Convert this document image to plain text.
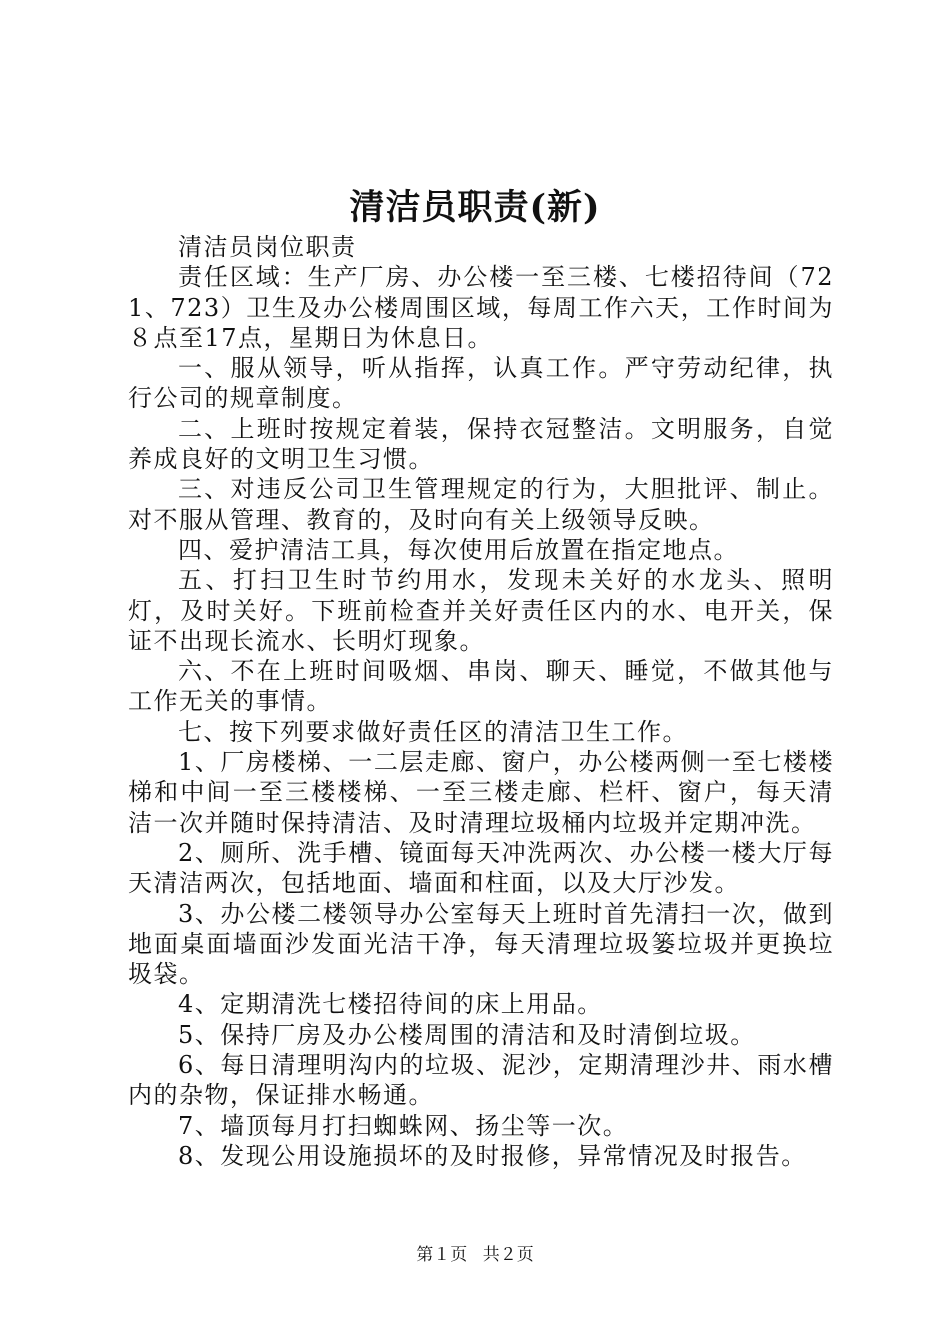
清洁员职责(新)

清洁员岗位职责

责任区域：生产厂房、办公楼一至三楼、七楼招待间（721、723）卫生及办公楼周围区域，每周工作六天，工作时间为８点至17点，星期日为休息日。

一、服从领导，听从指挥，认真工作。严守劳动纪律，执行公司的规章制度。

二、上班时按规定着装，保持衣冠整洁。文明服务，自觉养成良好的文明卫生习惯。

三、对违反公司卫生管理规定的行为，大胆批评、制止。对不服从管理、教育的，及时向有关上级领导反映。

四、爱护清洁工具，每次使用后放置在指定地点。

五、打扫卫生时节约用水，发现未关好的水龙头、照明灯，及时关好。下班前检查并关好责任区内的水、电开关，保证不出现长流水、长明灯现象。

六、不在上班时间吸烟、串岗、聊天、睡觉，不做其他与工作无关的事情。

七、按下列要求做好责任区的清洁卫生工作。

1、厂房楼梯、一二层走廊、窗户，办公楼两侧一至七楼楼梯和中间一至三楼楼梯、一至三楼走廊、栏杆、窗户，每天清洁一次并随时保持清洁、及时清理垃圾桶内垃圾并定期冲洗。

2、厕所、洗手槽、镜面每天冲洗两次、办公楼一楼大厅每天清洁两次，包括地面、墙面和柱面，以及大厅沙发。

3、办公楼二楼领导办公室每天上班时首先清扫一次，做到地面桌面墙面沙发面光洁干净，每天清理垃圾篓垃圾并更换垃圾袋。

4、定期清洗七楼招待间的床上用品。

5、保持厂房及办公楼周围的清洁和及时清倒垃圾。

6、每日清理明沟内的垃圾、泥沙，定期清理沙井、雨水槽内的杂物，保证排水畅通。

7、墙顶每月打扫蜘蛛网、扬尘等一次。

8、发现公用设施损坏的及时报修，异常情况及时报告。

第１页 共２页
